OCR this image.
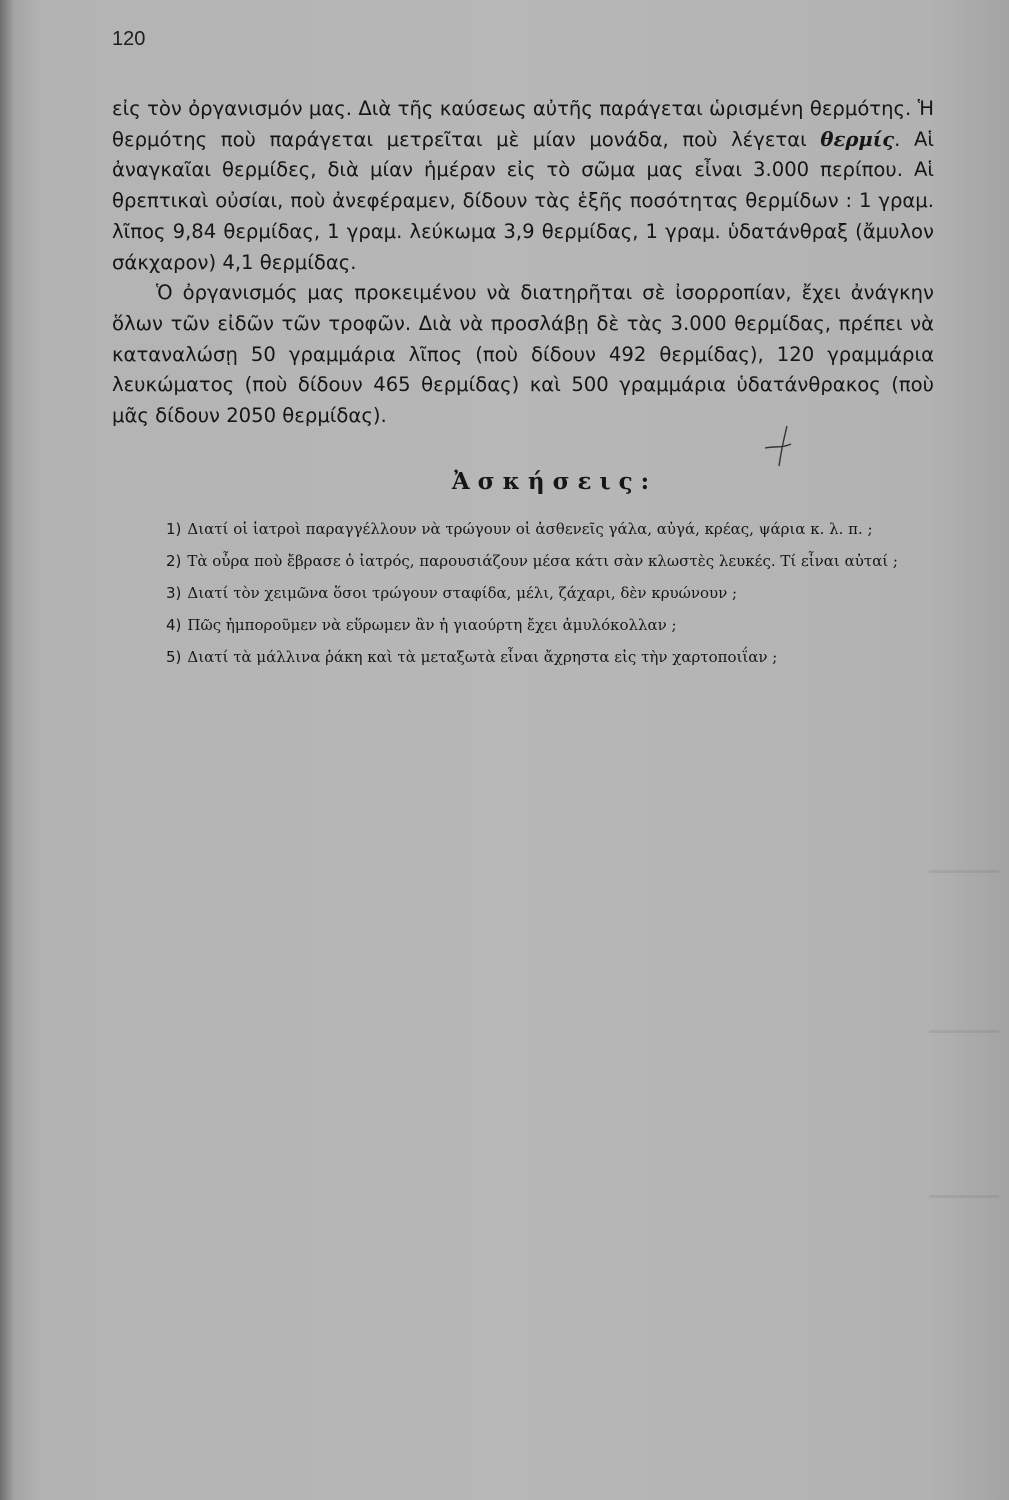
120

εἰς τὸν ὀργανισμόν μας. Διὰ τῆς καύσεως αὐτῆς παράγεται ὡρισμένη θερμότης. Ἡ θερμότης ποὺ παράγεται μετρεῖται μὲ μίαν μονάδα, ποὺ λέγεται θερμίς. Αἱ ἀναγκαῖαι θερμίδες, διὰ μίαν ἡμέραν εἰς τὸ σῶμα μας εἶναι 3.000 περίπου. Αἱ θρεπτικαὶ οὐσίαι, ποὺ ἀνεφέραμεν, δίδουν τὰς ἑξῆς ποσότητας θερμίδων : 1 γραμ. λῖπος 9,84 θερμίδας, 1 γραμ. λεύκωμα 3,9 θερμίδας, 1 γραμ. ὑδατάνθραξ (ἄμυλον σάκχαρον) 4,1 θερμίδας.

Ὁ ὀργανισμός μας προκειμένου νὰ διατηρῆται σὲ ἰσορροπίαν, ἔχει ἀνάγκην ὅλων τῶν εἰδῶν τῶν τροφῶν. Διὰ νὰ προσλάβῃ δὲ τὰς 3.000 θερμίδας, πρέπει νὰ καταναλώσῃ 50 γραμμάρια λῖπος (ποὺ δίδουν 492 θερμίδας), 120 γραμμάρια λευκώματος (ποὺ δίδουν 465 θερμίδας) καὶ 500 γραμμάρια ὑδατάνθρακος (ποὺ μᾶς δίδουν 2050 θερμίδας).

Ἀσκήσεις:

1) Διατί οἱ ἰατροὶ παραγγέλλουν νὰ τρώγουν οἱ ἀσθενεῖς γάλα, αὐγά, κρέας, ψάρια κ. λ. π. ;

2) Τὰ οὖρα ποὺ ἔβρασε ὁ ἰατρός, παρουσιάζουν μέσα κάτι σὰν κλωστὲς λευκές. Τί εἶναι αὐταί ;

3) Διατί τὸν χειμῶνα ὅσοι τρώγουν σταφίδα, μέλι, ζάχαρι, δὲν κρυώνουν ;

4) Πῶς ἠμποροῦμεν νὰ εὕρωμεν ἂν ἡ γιαούρτη ἔχει ἀμυλόκολλαν ;

5) Διατί τὰ μάλλινα ῥάκη καὶ τὰ μεταξωτὰ εἶναι ἄχρηστα εἰς τὴν χαρτοποιΐαν ;
